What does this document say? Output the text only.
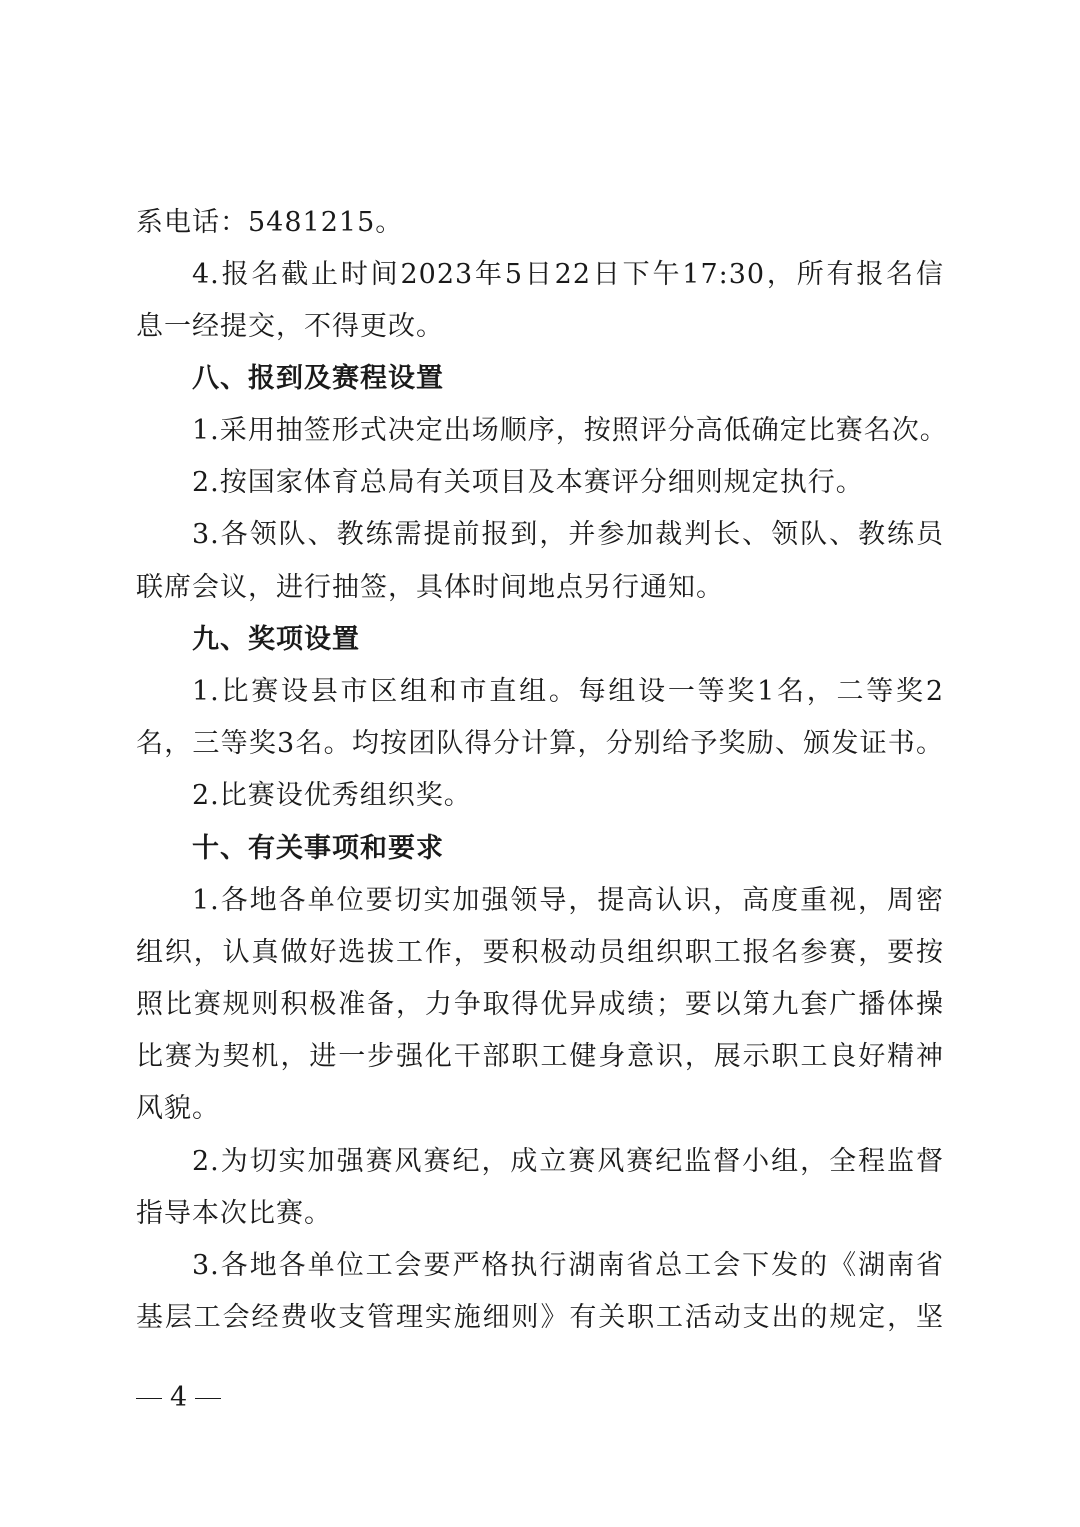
系电话：5481215。
4.报名截止时间2023年5日22日下午17:30，所有报名信
息一经提交，不得更改。
八、报到及赛程设置
1.采用抽签形式决定出场顺序，按照评分高低确定比赛名次。
2.按国家体育总局有关项目及本赛评分细则规定执行。
3.各领队、教练需提前报到，并参加裁判长、领队、教练员
联席会议，进行抽签，具体时间地点另行通知。
九、奖项设置
1.比赛设县市区组和市直组。每组设一等奖1名，二等奖2
名，三等奖3名。均按团队得分计算，分别给予奖励、颁发证书。
2.比赛设优秀组织奖。
十、有关事项和要求
1.各地各单位要切实加强领导，提高认识，高度重视，周密
组织，认真做好选拔工作，要积极动员组织职工报名参赛，要按
照比赛规则积极准备，力争取得优异成绩；要以第九套广播体操
比赛为契机，进一步强化干部职工健身意识，展示职工良好精神
风貌。
2.为切实加强赛风赛纪，成立赛风赛纪监督小组，全程监督
指导本次比赛。
3.各地各单位工会要严格执行湖南省总工会下发的《湖南省
基层工会经费收支管理实施细则》有关职工活动支出的规定，坚
4
